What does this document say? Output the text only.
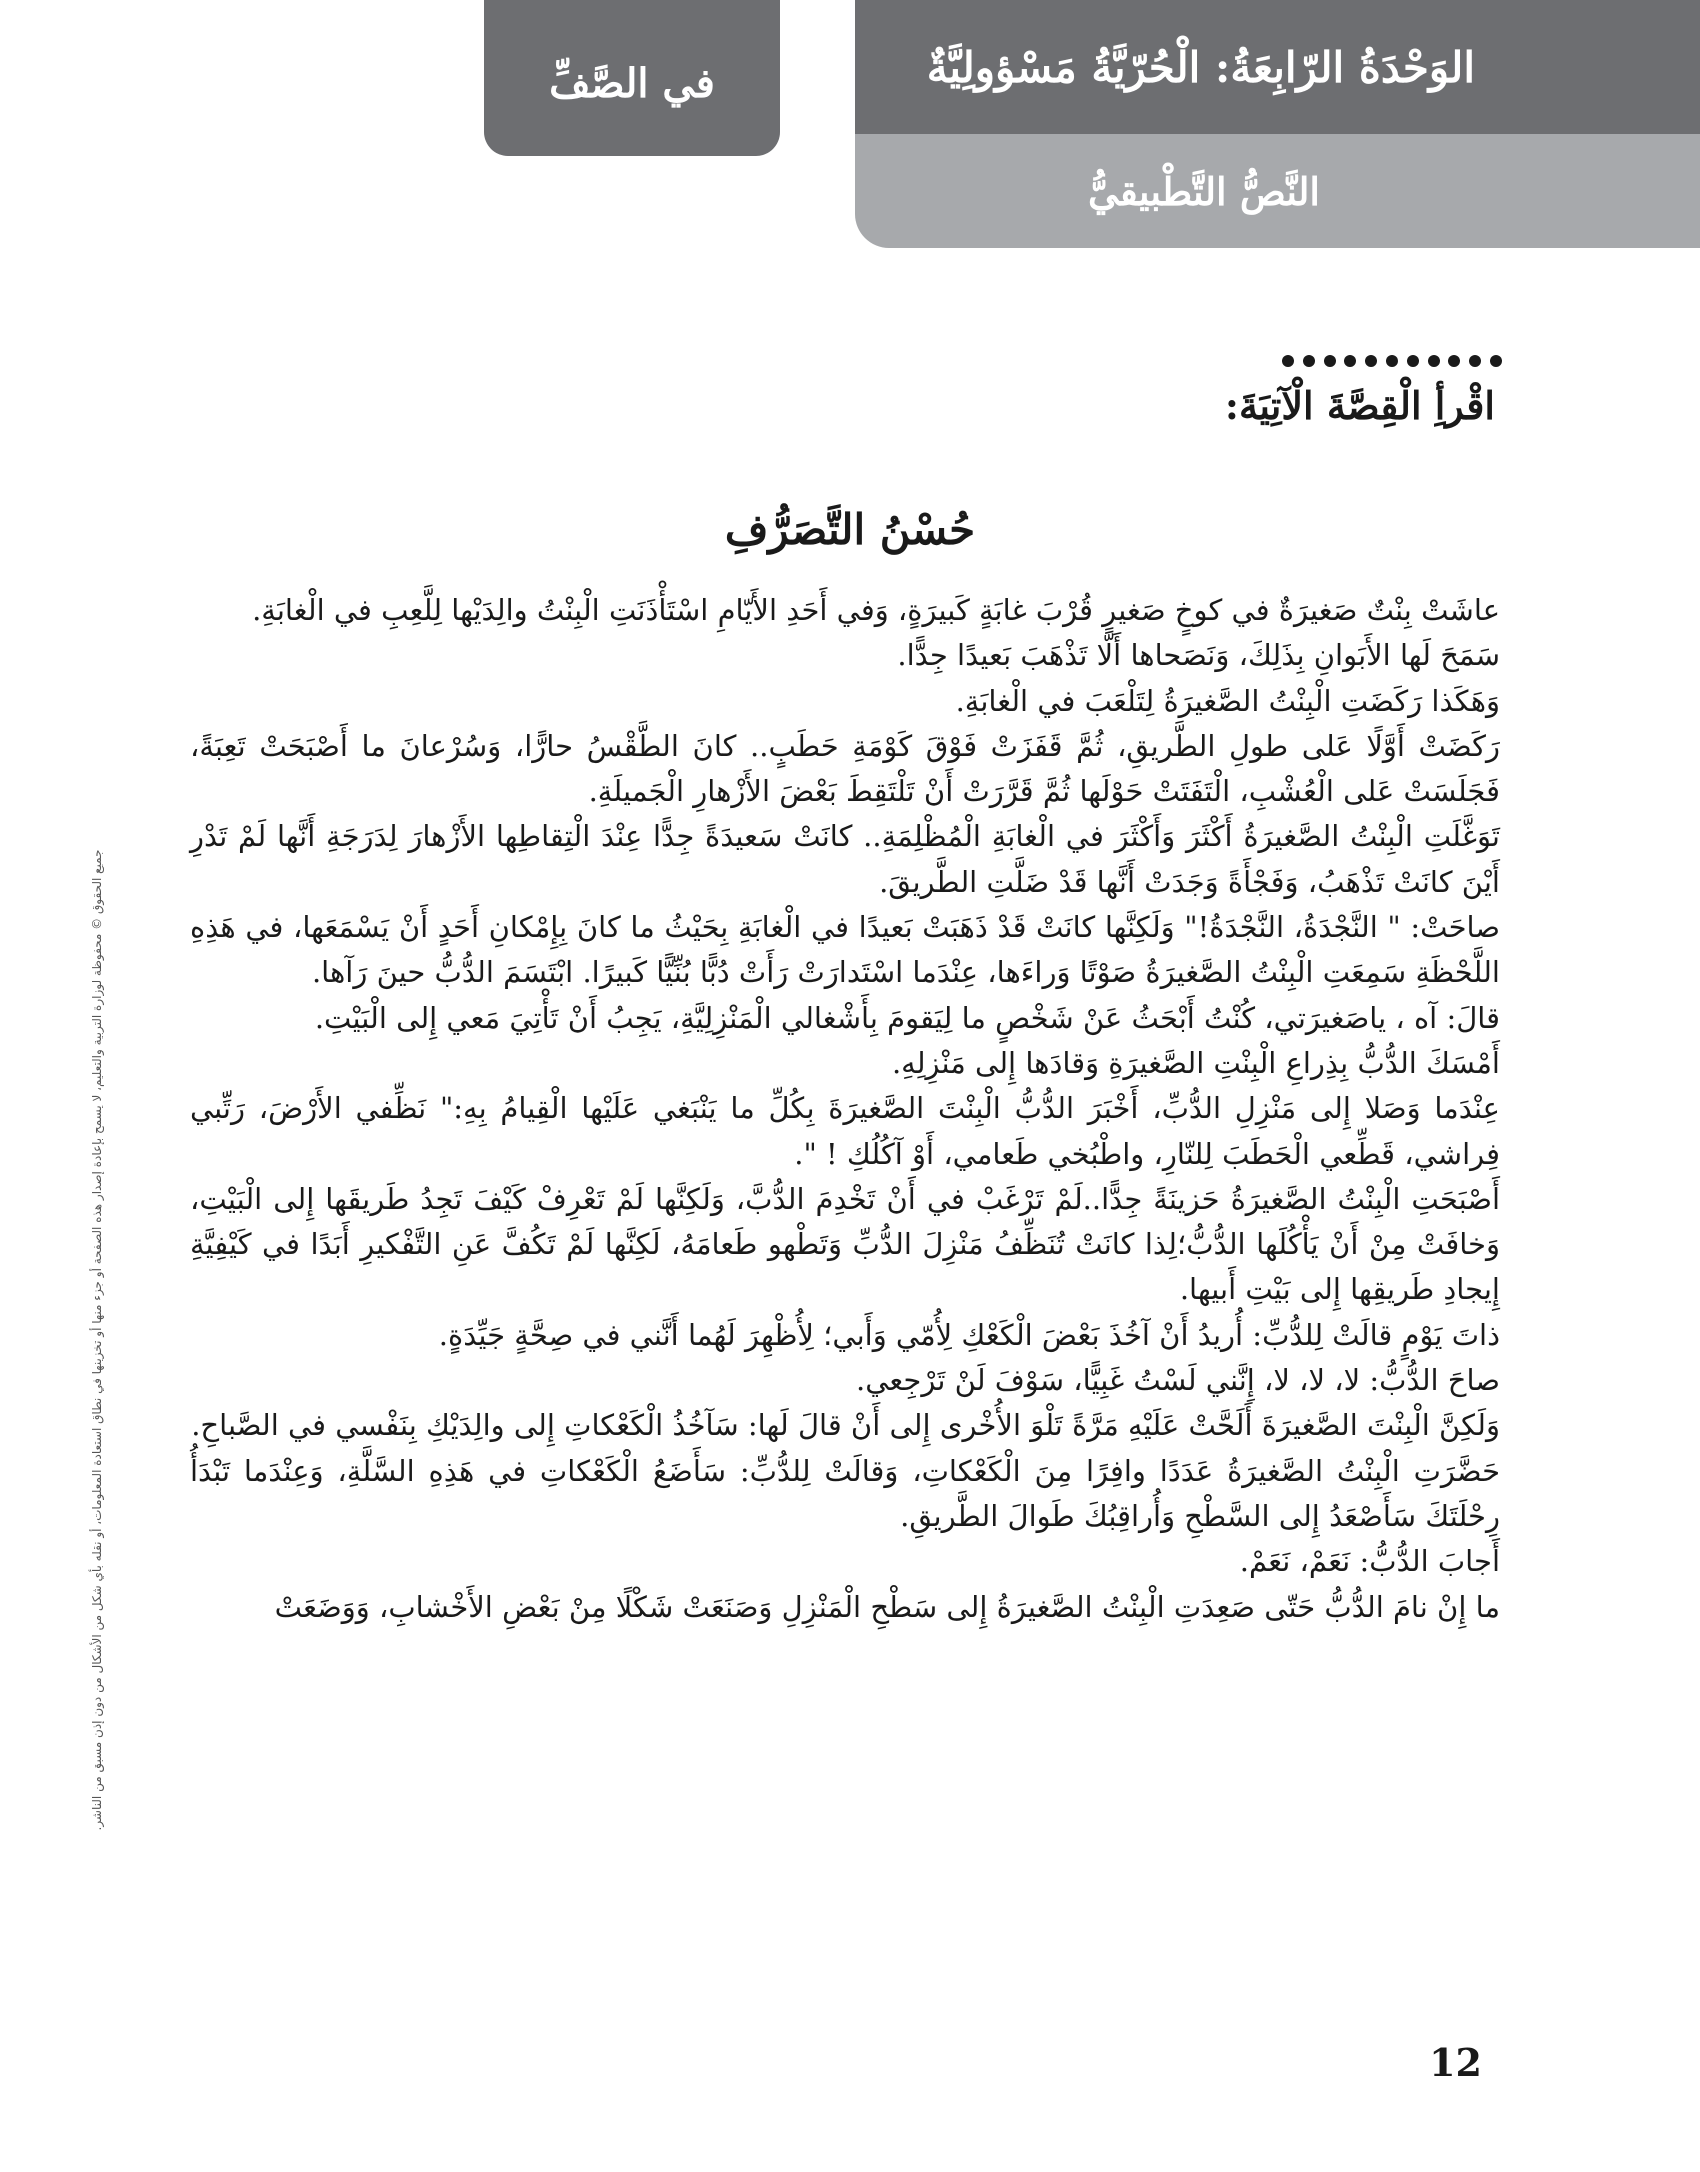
في الصَّفِّ	الوَحْدَةُ الرّابِعَةُ: الْحُرّيَّةُ مَسْؤولِيَّةٌ
النَّصُّ التَّطْبيقيُّ
اقْرأِ الْقِصَّةَ الْآتِيَةَ:
حُسْنُ التَّصَرُّفِ

عاشَتْ بِنْتٌ صَغيرَةٌ في كوخٍ صَغيرٍ قُرْبَ غابَةٍ كَبيرَةٍ، وَفي أَحَدِ الأَيّامِ اسْتَأْذَنَتِ الْبِنْتُ والِدَيْها لِلَّعِبِ في الْغابَةِ.

سَمَحَ لَها الأَبَوانِ بِذَلِكَ، وَنَصَحاها أَلّا تَذْهَبَ بَعيدًا جِدًّا.

وَهَكَذا رَكَضَتِ الْبِنْتُ الصَّغيرَةُ لِتَلْعَبَ في الْغابَةِ.

رَكَضَتْ أَوَّلًا عَلى طولِ الطَّريقِ، ثُمَّ قَفَزَتْ فَوْقَ كَوْمَةِ حَطَبٍ.. كانَ الطَّقْسُ حارًّا، وَسُرْعانَ ما أَصْبَحَتْ تَعِبَةً، فَجَلَسَتْ عَلى الْعُشْبِ، الْتَفَتَتْ حَوْلَها ثُمَّ قَرَّرَتْ أَنْ تَلْتَقِطَ بَعْضَ الأَزْهارِ الْجَميلَةِ.

تَوَغَّلَتِ الْبِنْتُ الصَّغيرَةُ أَكْثَرَ وَأَكْثَرَ في الْغابَةِ الْمُظْلِمَةِ.. كانَتْ سَعيدَةً جِدًّا عِنْدَ الْتِقاطِها الأَزْهارَ لِدَرَجَةِ أَنَّها لَمْ تَدْرِ أَيْنَ كانَتْ تَذْهَبُ، وَفَجْأَةً وَجَدَتْ أَنَّها قَدْ ضَلَّتِ الطَّريقَ.

صاحَتْ: " النَّجْدَةُ، النَّجْدَةُ!" وَلَكِنَّها كانَتْ قَدْ ذَهَبَتْ بَعيدًا في الْغابَةِ بِحَيْثُ ما كانَ بِإِمْكانِ أَحَدٍ أَنْ يَسْمَعَها، في هَذِهِ اللَّحْظَةِ سَمِعَتِ الْبِنْتُ الصَّغيرَةُ صَوْتًا وَراءَها، عِنْدَما اسْتَدارَتْ رَأَتْ دُبًّا بُنِّيًّا كَبيرًا. ابْتَسَمَ الدُّبُّ حينَ رَآها.

قالَ: آه ، ياصَغيرَتي، كُنْتُ أَبْحَثُ عَنْ شَخْصٍ ما لِيَقومَ بِأَشْغالي الْمَنْزِلِيَّةِ، يَجِبُ أَنْ تَأْتِيَ مَعي إِلى الْبَيْتِ.

أَمْسَكَ الدُّبُّ بِذِراعِ الْبِنْتِ الصَّغيرَةِ وَقادَها إِلى مَنْزِلِهِ.

عِنْدَما وَصَلا إِلى مَنْزِلِ الدُّبِّ، أَخْبَرَ الدُّبُّ الْبِنْتَ الصَّغيرَةَ بِكُلِّ ما يَنْبَغي عَلَيْها الْقِيامُ بِهِ:" نَظِّفي الأَرْضَ، رَتِّبي فِراشي، قَطِّعي الْحَطَبَ لِلنّارِ، واطْبُخي طَعامي، أَوْ آكُلُكِ ! ".

أَصْبَحَتِ الْبِنْتُ الصَّغيرَةُ حَزينَةً جِدًّا..لَمْ تَرْغَبْ في أَنْ تَخْدِمَ الدُّبَّ، وَلَكِنَّها لَمْ تَعْرِفْ كَيْفَ تَجِدُ طَريقَها إِلى الْبَيْتِ، وَخافَتْ مِنْ أَنْ يَأْكُلَها الدُّبُّ؛لِذا كانَتْ تُنَظِّفُ مَنْزِلَ الدُّبِّ وَتَطْهو طَعامَهُ، لَكِنَّها لَمْ تَكُفَّ عَنِ التَّفْكيرِ أَبَدًا في كَيْفِيَّةِ إِيجادِ طَريقِها إِلى بَيْتِ أَبيها.

ذاتَ يَوْمٍ قالَتْ لِلدُّبِّ: أُريدُ أَنْ آخُذَ بَعْضَ الْكَعْكِ لِأُمّي وَأَبي؛ لِأُظْهِرَ لَهُما أَنَّني في صِحَّةٍ جَيِّدَةٍ.

صاحَ الدُّبُّ: لا، لا، لا، إِنَّني لَسْتُ غَبِيًّا، سَوْفَ لَنْ تَرْجِعي.

وَلَكِنَّ الْبِنْتَ الصَّغيرَةَ أَلَحَّتْ عَلَيْهِ مَرَّةً تَلْوَ الأُخْرى إِلى أَنْ قالَ لَها: سَآخُذُ الْكَعْكاتِ إِلى والِدَيْكِ بِنَفْسي في الصَّباحِ.

حَضَّرَتِ الْبِنْتُ الصَّغيرَةُ عَدَدًا وافِرًا مِنَ الْكَعْكاتِ، وَقالَتْ لِلدُّبِّ: سَأَضَعُ الْكَعْكاتِ في هَذِهِ السَّلَّةِ، وَعِنْدَما تَبْدَأُ رِحْلَتَكَ سَأَصْعَدُ إِلى السَّطْحِ وَأُراقِبُكَ طَوالَ الطَّريقِ.

أَجابَ الدُّبُّ: نَعَمْ، نَعَمْ.

ما إِنْ نامَ الدُّبُّ حَتّى صَعِدَتِ الْبِنْتُ الصَّغيرَةُ إِلى سَطْحِ الْمَنْزِلِ وَصَنَعَتْ شَكْلًا مِنْ بَعْضِ الأَخْشابِ، وَوَضَعَتْ

جميع الحقوق © محفوظة لوزارة التربية والتعليم، لا يسمح بإعادة إصدار هذه الصفحة أو جزء منها أو تخزينها في نطاق استعادة المعلومات، أو نقله بأي شكل من الأشكال من دون إذن مسبق من الناشر.
12
